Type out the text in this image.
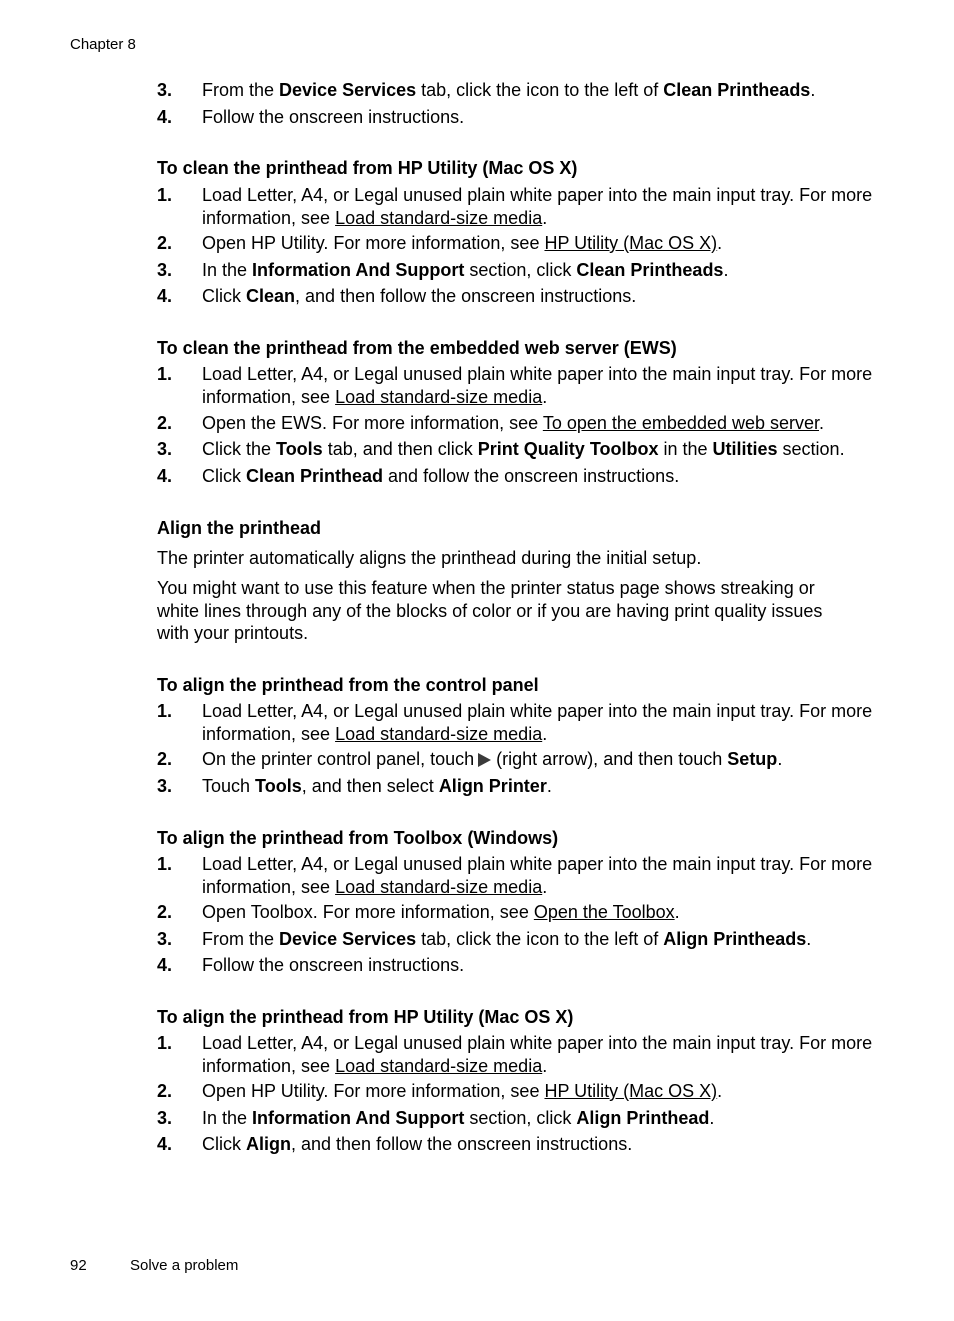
Chapter 8
3. From the Device Services tab, click the icon to the left of Clean Printheads.
4. Follow the onscreen instructions.
To clean the printhead from HP Utility (Mac OS X)
1. Load Letter, A4, or Legal unused plain white paper into the main input tray. For more information, see Load standard-size media.
2. Open HP Utility. For more information, see HP Utility (Mac OS X).
3. In the Information And Support section, click Clean Printheads.
4. Click Clean, and then follow the onscreen instructions.
To clean the printhead from the embedded web server (EWS)
1. Load Letter, A4, or Legal unused plain white paper into the main input tray. For more information, see Load standard-size media.
2. Open the EWS. For more information, see To open the embedded web server.
3. Click the Tools tab, and then click Print Quality Toolbox in the Utilities section.
4. Click Clean Printhead and follow the onscreen instructions.
Align the printhead
The printer automatically aligns the printhead during the initial setup.
You might want to use this feature when the printer status page shows streaking or white lines through any of the blocks of color or if you are having print quality issues with your printouts.
To align the printhead from the control panel
1. Load Letter, A4, or Legal unused plain white paper into the main input tray. For more information, see Load standard-size media.
2. On the printer control panel, touch (right arrow), and then touch Setup.
3. Touch Tools, and then select Align Printer.
To align the printhead from Toolbox (Windows)
1. Load Letter, A4, or Legal unused plain white paper into the main input tray. For more information, see Load standard-size media.
2. Open Toolbox. For more information, see Open the Toolbox.
3. From the Device Services tab, click the icon to the left of Align Printheads.
4. Follow the onscreen instructions.
To align the printhead from HP Utility (Mac OS X)
1. Load Letter, A4, or Legal unused plain white paper into the main input tray. For more information, see Load standard-size media.
2. Open HP Utility. For more information, see HP Utility (Mac OS X).
3. In the Information And Support section, click Align Printhead.
4. Click Align, and then follow the onscreen instructions.
92	Solve a problem
